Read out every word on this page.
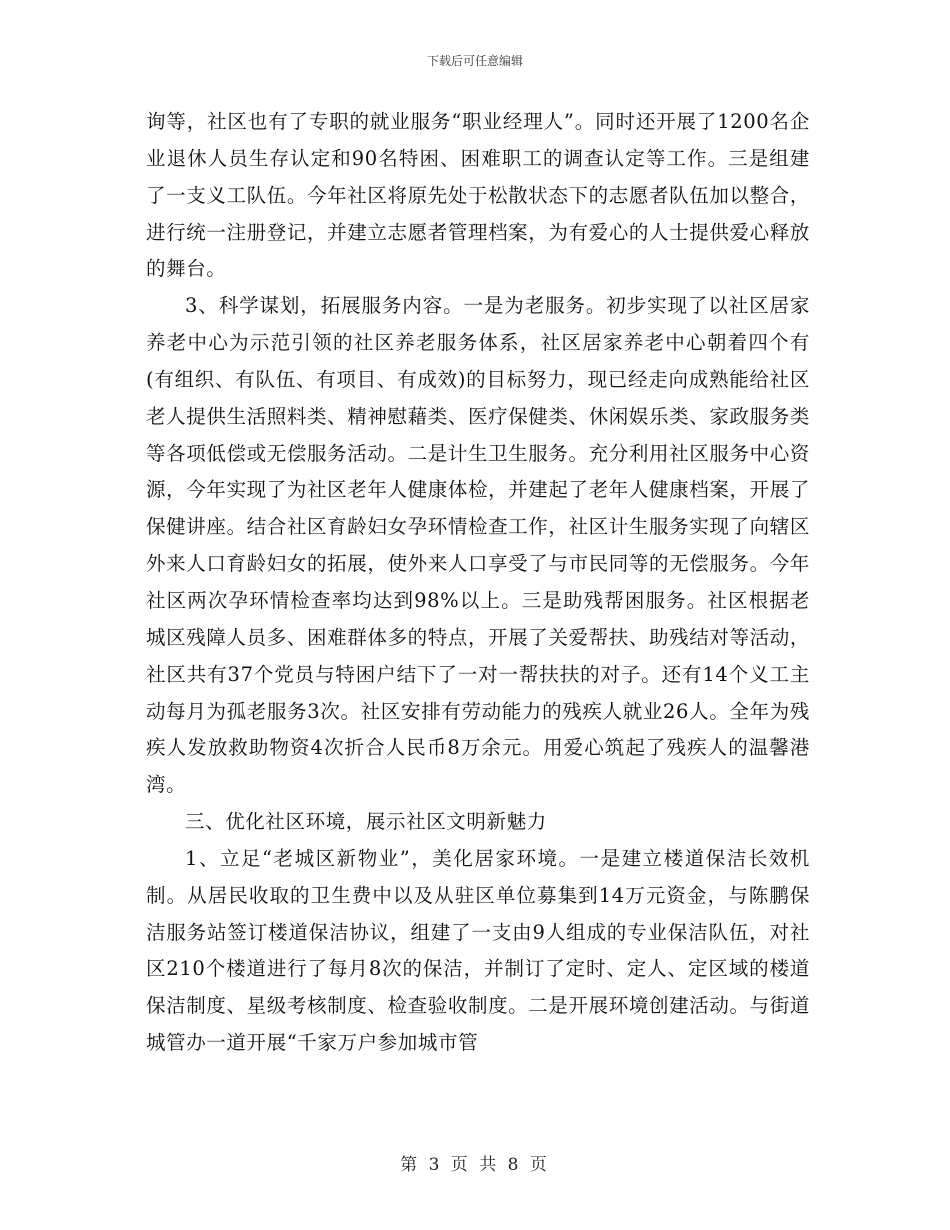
下载后可任意编辑

询等，社区也有了专职的就业服务“职业经理人”。同时还开展了1200名企业退休人员生存认定和90名特困、困难职工的调查认定等工作。三是组建了一支义工队伍。今年社区将原先处于松散状态下的志愿者队伍加以整合，进行统一注册登记，并建立志愿者管理档案，为有爱心的人士提供爱心释放的舞台。

3、科学谋划，拓展服务内容。一是为老服务。初步实现了以社区居家养老中心为示范引领的社区养老服务体系，社区居家养老中心朝着四个有(有组织、有队伍、有项目、有成效)的目标努力，现已经走向成熟能给社区老人提供生活照料类、精神慰藉类、医疗保健类、休闲娱乐类、家政服务类等各项低偿或无偿服务活动。二是计生卫生服务。充分利用社区服务中心资源，今年实现了为社区老年人健康体检，并建起了老年人健康档案，开展了保健讲座。结合社区育龄妇女孕环情检查工作，社区计生服务实现了向辖区外来人口育龄妇女的拓展，使外来人口享受了与市民同等的无偿服务。今年社区两次孕环情检查率均达到98%以上。三是助残帮困服务。社区根据老城区残障人员多、困难群体多的特点，开展了关爱帮扶、助残结对等活动，社区共有37个党员与特困户结下了一对一帮扶扶的对子。还有14个义工主动每月为孤老服务3次。社区安排有劳动能力的残疾人就业26人。全年为残疾人发放救助物资4次折合人民币8万余元。用爱心筑起了残疾人的温馨港湾。

三、优化社区环境，展示社区文明新魅力

1、立足“老城区新物业”，美化居家环境。一是建立楼道保洁长效机制。从居民收取的卫生费中以及从驻区单位募集到14万元资金，与陈鹏保洁服务站签订楼道保洁协议，组建了一支由9人组成的专业保洁队伍，对社区210个楼道进行了每月8次的保洁，并制订了定时、定人、定区域的楼道保洁制度、星级考核制度、检查验收制度。二是开展环境创建活动。与街道城管办一道开展“千家万户参加城市管

第 3 页 共 8 页
